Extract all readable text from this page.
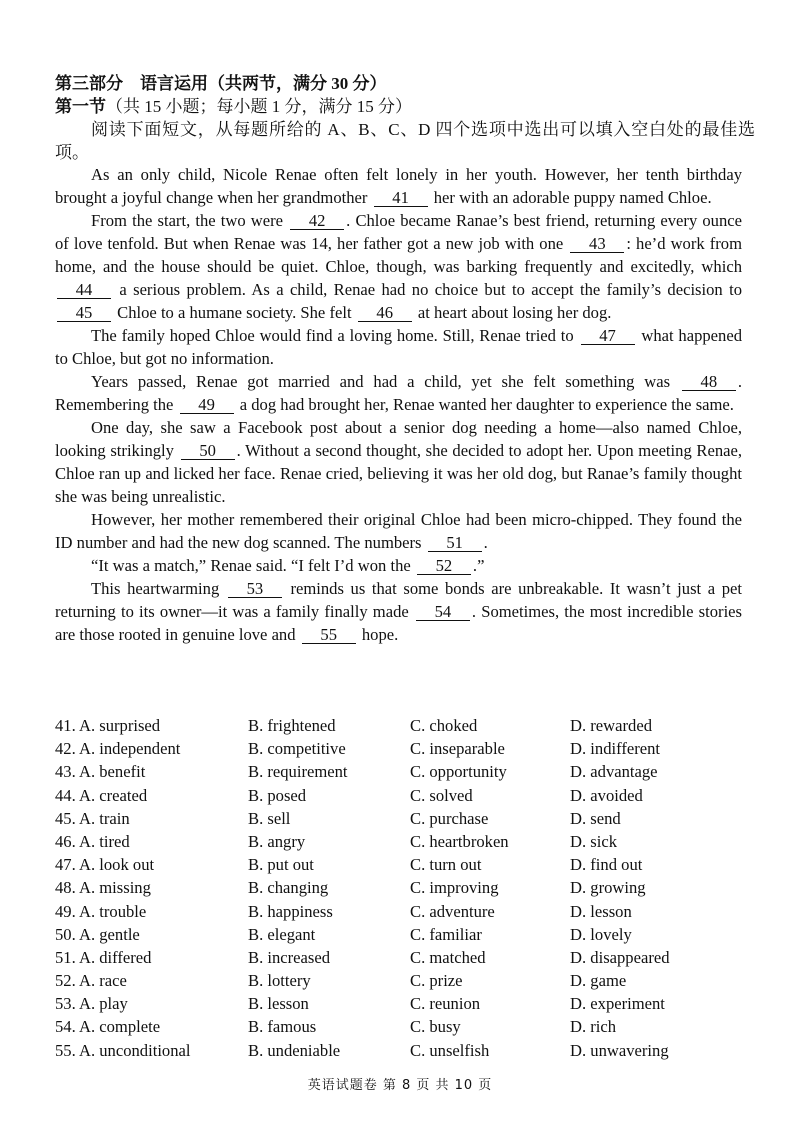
第三部分　语言运用（共两节，满分 30 分）
第一节（共 15 小题；每小题 1 分，满分 15 分）
阅读下面短文，从每题所给的 A、B、C、D 四个选项中选出可以填入空白处的最佳选项。

As an only child, Nicole Renae often felt lonely in her youth. However, her tenth birthday brought a joyful change when her grandmother 41 her with an adorable puppy named Chloe.

From the start, the two were 42 . Chloe became Ranae’s best friend, returning every ounce of love tenfold. But when Renae was 14, her father got a new job with one 43 : he’d work from home, and the house should be quiet. Chloe, though, was barking frequently and excitedly, which 44 a serious problem. As a child, Renae had no choice but to accept the family’s decision to 45 Chloe to a humane society. She felt 46 at heart about losing her dog.

The family hoped Chloe would find a loving home. Still, Renae tried to 47 what happened to Chloe, but got no information.

Years passed, Renae got married and had a child, yet she felt something was 48 . Remembering the 49 a dog had brought her, Renae wanted her daughter to experience the same.

One day, she saw a Facebook post about a senior dog needing a home—also named Chloe, looking strikingly 50 . Without a second thought, she decided to adopt her. Upon meeting Renae, Chloe ran up and licked her face. Renae cried, believing it was her old dog, but Ranae’s family thought she was being unrealistic.

However, her mother remembered their original Chloe had been micro-chipped. They found the ID number and had the new dog scanned. The numbers 51 .

“It was a match,” Renae said. “I felt I’d won the 52 .”

This heartwarming 53 reminds us that some bonds are unbreakable. It wasn’t just a pet returning to its owner—it was a family finally made 54 . Sometimes, the most incredible stories are those rooted in genuine love and 55 hope.

41. A. surprised	B. frightened	C. choked	D. rewarded
42. A. independent	B. competitive	C. inseparable	D. indifferent
43. A. benefit	B. requirement	C. opportunity	D. advantage
44. A. created	B. posed	C. solved	D. avoided
45. A. train	B. sell	C. purchase	D. send
46. A. tired	B. angry	C. heartbroken	D. sick
47. A. look out	B. put out	C. turn out	D. find out
48. A. missing	B. changing	C. improving	D. growing
49. A. trouble	B. happiness	C. adventure	D. lesson
50. A. gentle	B. elegant	C. familiar	D. lovely
51. A. differed	B. increased	C. matched	D. disappeared
52. A. race	B. lottery	C. prize	D. game
53. A. play	B. lesson	C. reunion	D. experiment
54. A. complete	B. famous	C. busy	D. rich
55. A. unconditional	B. undeniable	C. unselfish	D. unwavering
英语试题卷 第 8 页 共 10 页
